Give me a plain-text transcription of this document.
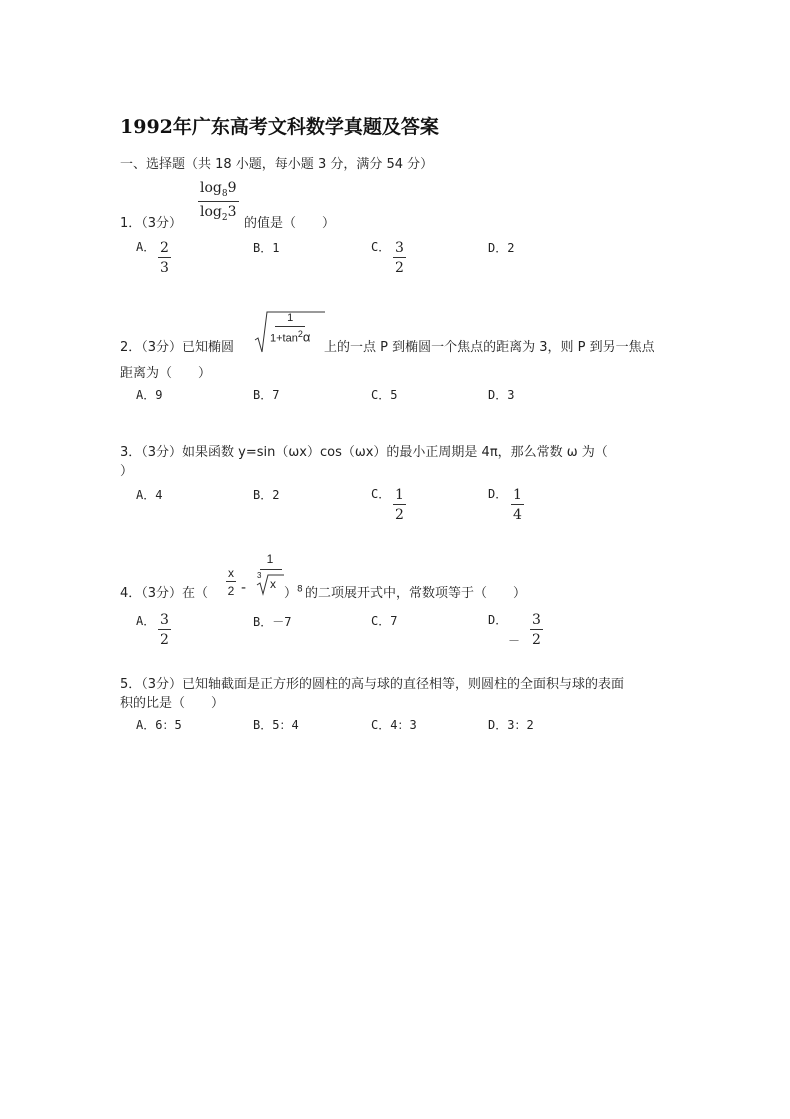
1992年广东高考文科数学真题及答案
一、选择题（共 18 小题，每小题 3 分，满分 54 分）
1．（3分）
$\frac{\log_89}{\log_23}$
的值是（　　）
A． $\frac{2}{3}$	B．1	C． $\frac{3}{2}$	D．2
2．（3分）已知椭圆
$\frac{1}{1+\tan^2\alpha}$
上的一点 P 到椭圆一个焦点的距离为 3，则 P 到另一焦点
距离为（　　）
A．9	B．7	C．5	D．3
3．（3分）如果函数 y=sin（ωx）cos（ωx）的最小正周期是 4π，那么常数 ω 为（
）
A．4	B．2	C． $\frac{1}{2}$	D． $\frac{1}{4}$
4．（3分）在（ $\frac{x}{2}$ -
1
3
x
）$^8$ 的二项展开式中，常数项等于（　　）
A． $\frac{3}{2}$	B．－7	C．7	D．
－ $\frac{3}{2}$
5．（3分）已知轴截面是正方形的圆柱的高与球的直径相等，则圆柱的全面积与球的表面
积的比是（　　）
A．6：5	B．5：4	C．4：3	D．3：2
